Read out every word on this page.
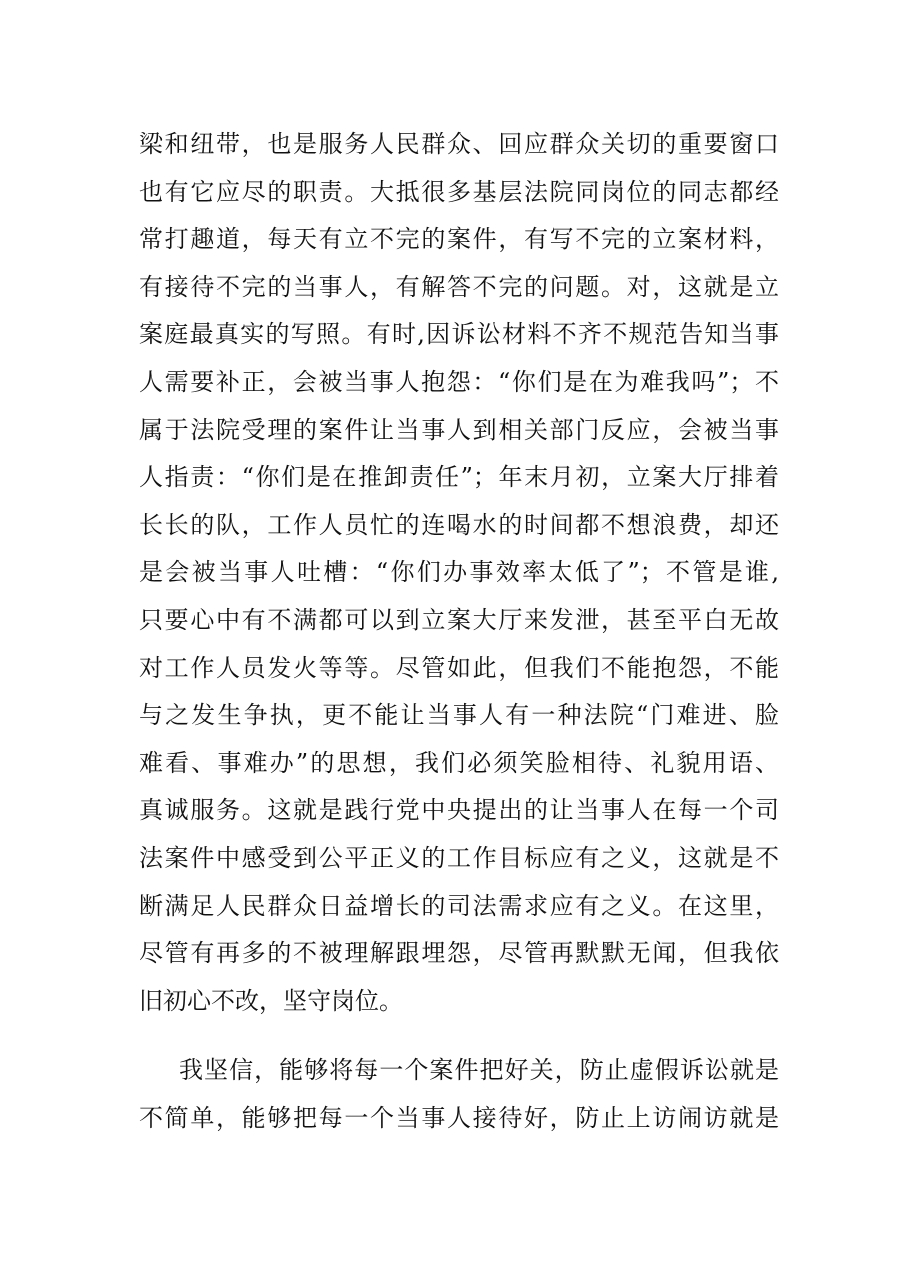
梁和纽带，也是服务人民群众、回应群众关切的重要窗口
也有它应尽的职责。大抵很多基层法院同岗位的同志都经
常打趣道，每天有立不完的案件，有写不完的立案材料，
有接待不完的当事人，有解答不完的问题。对，这就是立
案庭最真实的写照。有时,因诉讼材料不齐不规范告知当事
人需要补正，会被当事人抱怨：“你们是在为难我吗”；不
属于法院受理的案件让当事人到相关部门反应，会被当事
人指责：“你们是在推卸责任”；年末月初，立案大厅排着
长长的队，工作人员忙的连喝水的时间都不想浪费，却还
是会被当事人吐槽：“你们办事效率太低了”；不管是谁,
只要心中有不满都可以到立案大厅来发泄，甚至平白无故
对工作人员发火等等。尽管如此，但我们不能抱怨，不能
与之发生争执，更不能让当事人有一种法院“门难进、脸
难看、事难办”的思想，我们必须笑脸相待、礼貌用语、
真诚服务。这就是践行党中央提出的让当事人在每一个司
法案件中感受到公平正义的工作目标应有之义，这就是不
断满足人民群众日益增长的司法需求应有之义。在这里，
尽管有再多的不被理解跟埋怨，尽管再默默无闻，但我依
旧初心不改，坚守岗位。
我坚信，能够将每一个案件把好关，防止虚假诉讼就是
不简单，能够把每一个当事人接待好，防止上访闹访就是
